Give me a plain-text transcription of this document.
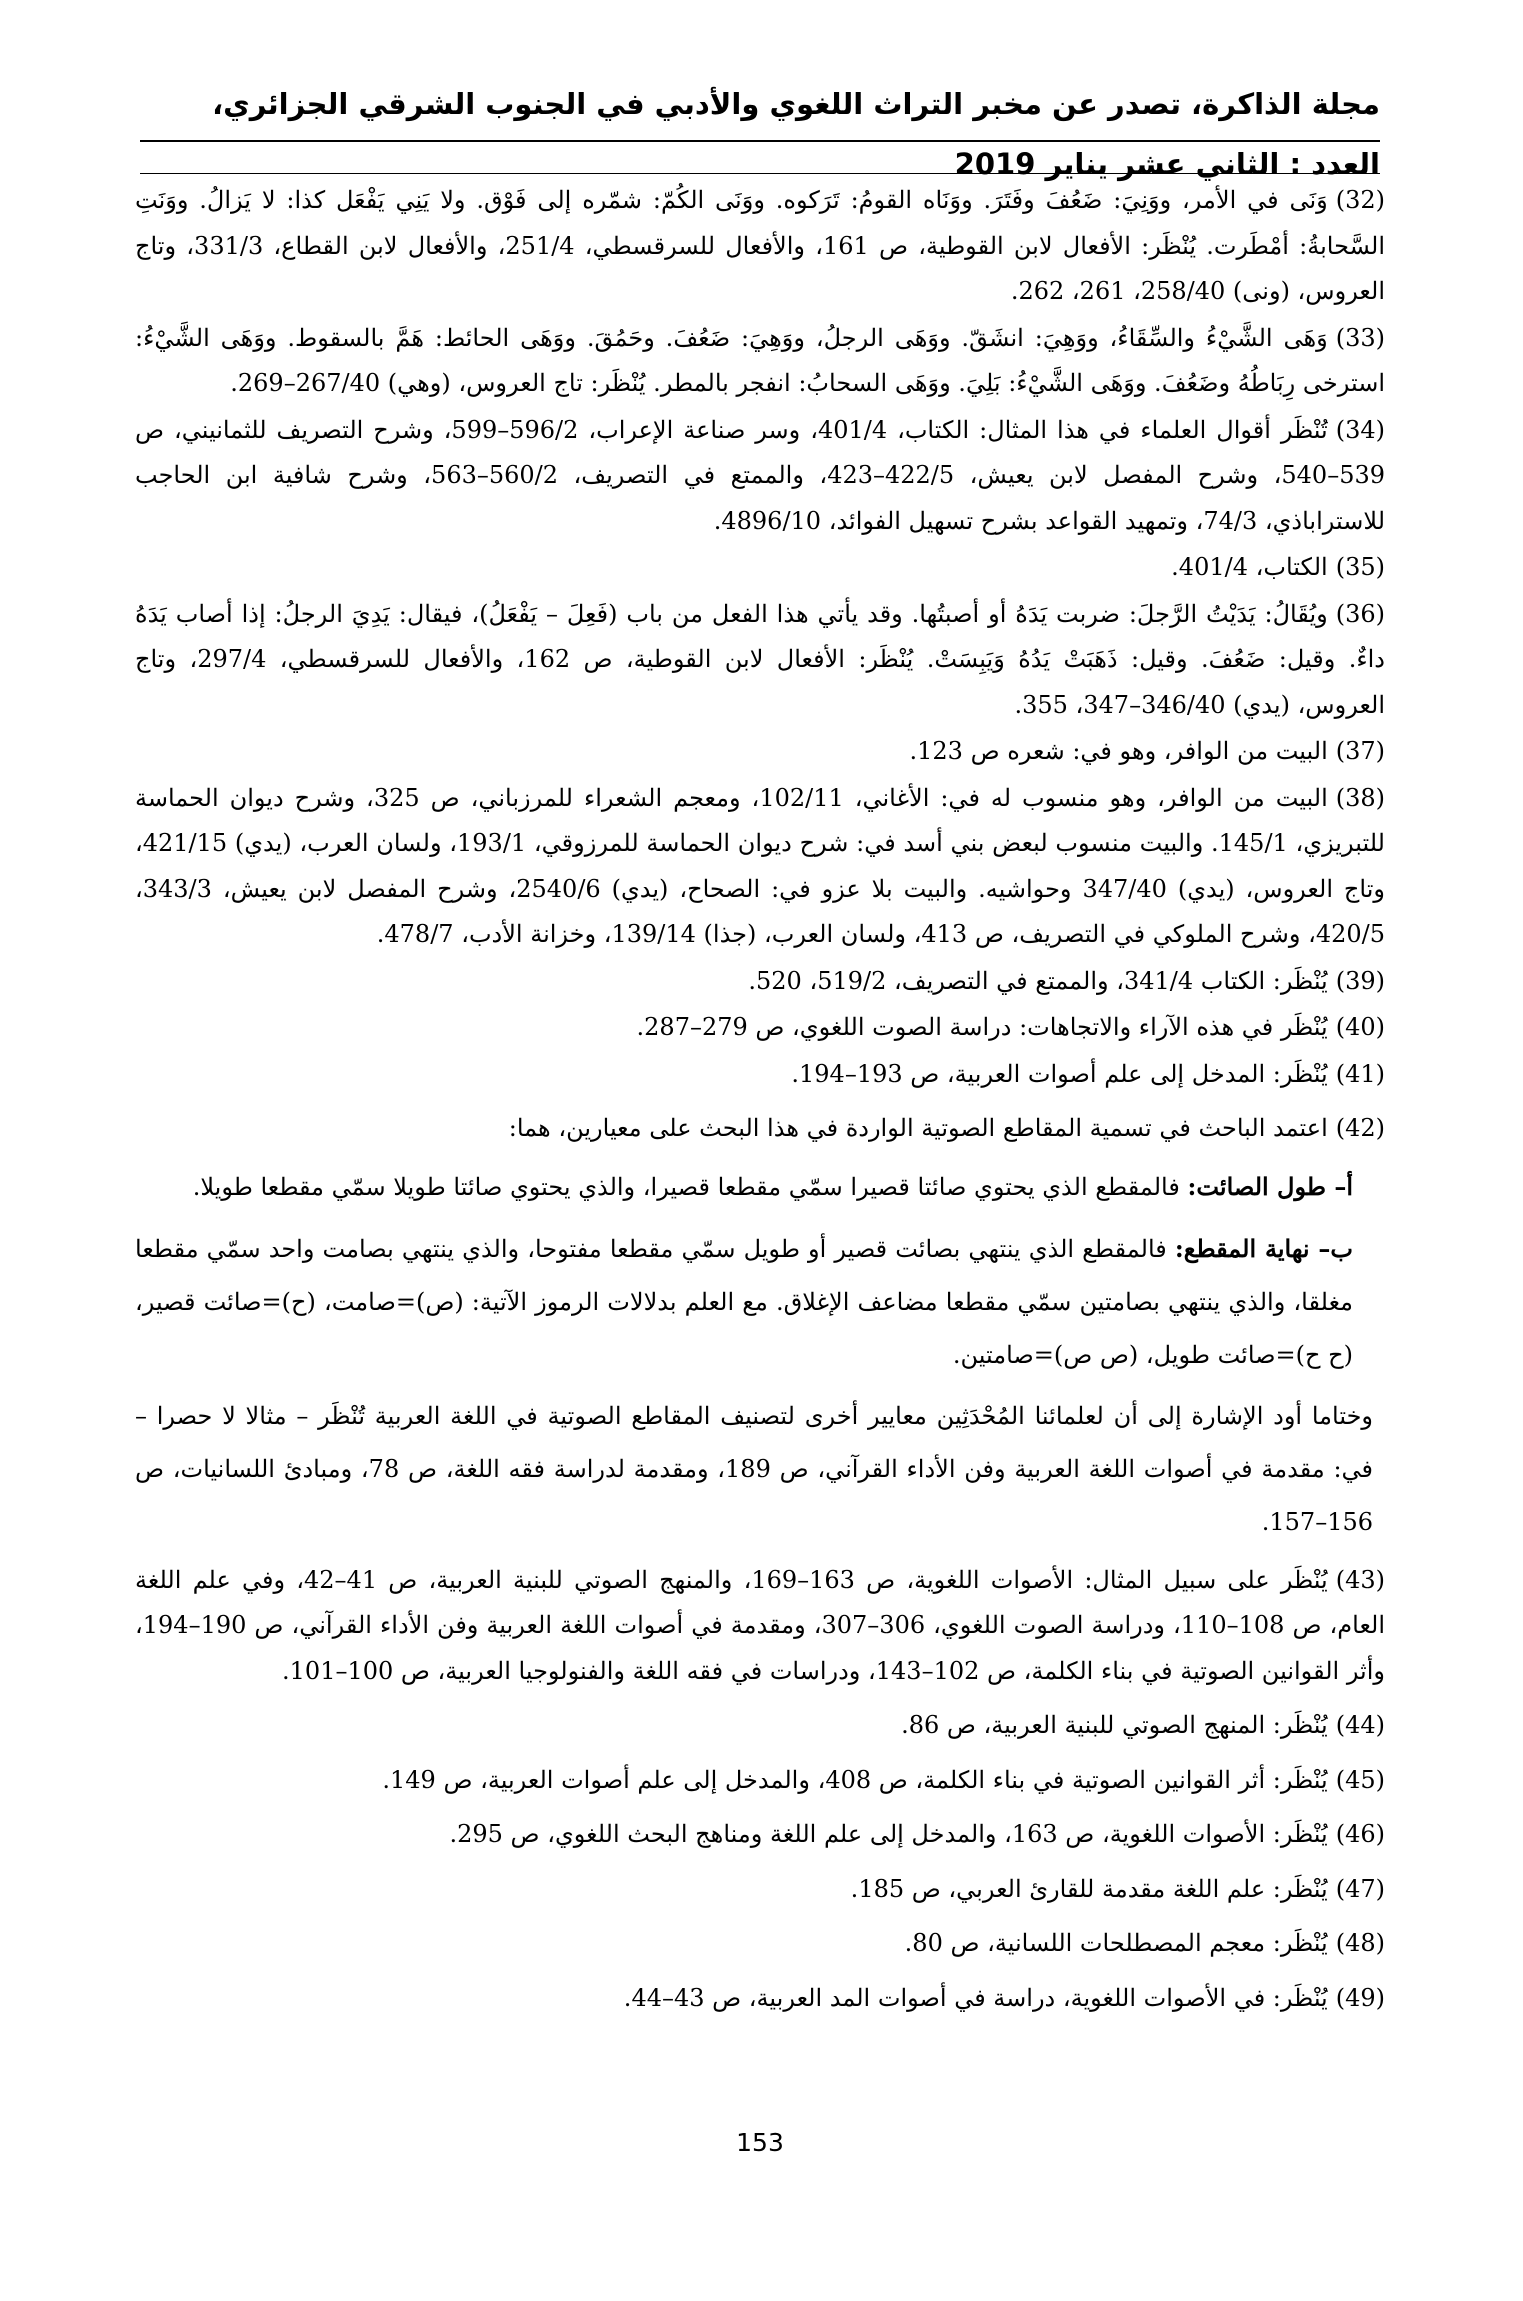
مجلة الذاكرة، تصدر عن مخبر التراث اللغوي والأدبي في الجنوب الشرقي الجزائري، العدد : الثاني عشر يناير 2019

(32)وَنَى في الأمر، ووَنِيَ: ضَعُفَ وفَتَرَ. ووَنَاه القومُ: تَرَكوه. ووَنَى الكُمّ: شمّره إلى فَوْق. ولا يَنِي يَفْعَل كذا: لا يَزالُ. ووَنَتِ السَّحابةُ: أمْطَرت. يُنْظَر: الأفعال لابن القوطية، ص 161، والأفعال للسرقسطي، 251/4، والأفعال لابن القطاع، 331/3، وتاج العروس، (ونى) 258/40، 261، 262.

(33)وَهَى الشَّيْءُ والسِّقَاءُ، ووَهِيَ: انشَقّ. ووَهَى الرجلُ، ووَهِيَ: ضَعُفَ. وحَمُقَ. ووَهَى الحائط: هَمَّ بالسقوط. ووَهَى الشَّيْءُ: استرخى رِبَاطُهُ وضَعُفَ. ووَهَى الشَّيْءُ: بَلِيَ. ووَهَى السحابُ: انفجر بالمطر. يُنْظَر: تاج العروس، (وهي) 267/40–269.

(34)تُنْظَر أقوال العلماء في هذا المثال: الكتاب، 401/4، وسر صناعة الإعراب، 596/2–599، وشرح التصريف للثمانيني، ص 539–540، وشرح المفصل لابن يعيش، 422/5–423، والممتع في التصريف، 560/2–563، وشرح شافية ابن الحاجب للاستراباذي، 74/3، وتمهيد القواعد بشرح تسهيل الفوائد، 4896/10.

(35)الكتاب، 401/4.

(36)ويُقَالُ: يَدَيْتُ الرَّجلَ: ضربت يَدَهُ أو أصبتُها. وقد يأتي هذا الفعل من باب (فَعِلَ – يَفْعَلُ)، فيقال: يَدِيَ الرجلُ: إذا أصاب يَدَهُ داءٌ. وقيل: ضَعُفَ. وقيل: ذَهَبَتْ يَدُهُ وَيَبِسَتْ. يُنْظَر: الأفعال لابن القوطية، ص 162، والأفعال للسرقسطي، 297/4، وتاج العروس، (يدي) 346/40–347، 355.

(37)البيت من الوافر، وهو في: شعره ص 123.

(38)البيت من الوافر، وهو منسوب له في: الأغاني، 102/11، ومعجم الشعراء للمرزباني، ص 325، وشرح ديوان الحماسة للتبريزي، 145/1. والبيت منسوب لبعض بني أسد في: شرح ديوان الحماسة للمرزوقي، 193/1، ولسان العرب، (يدي) 421/15، وتاج العروس، (يدي) 347/40 وحواشيه. والبيت بلا عزو في: الصحاح، (يدي) 2540/6، وشرح المفصل لابن يعيش، 343/3، 420/5، وشرح الملوكي في التصريف، ص 413، ولسان العرب، (جذا) 139/14، وخزانة الأدب، 478/7.

(39)يُنْظَر: الكتاب 341/4، والممتع في التصريف، 519/2، 520.

(40)يُنْظَر في هذه الآراء والاتجاهات: دراسة الصوت اللغوي، ص 279–287.

(41)يُنْظَر: المدخل إلى علم أصوات العربية، ص 193–194.

(42)اعتمد الباحث في تسمية المقاطع الصوتية الواردة في هذا البحث على معيارين، هما:

أ– طول الصائت: فالمقطع الذي يحتوي صائتا قصيرا سمّي مقطعا قصيرا، والذي يحتوي صائتا طويلا سمّي مقطعا طويلا.

ب– نهاية المقطع: فالمقطع الذي ينتهي بصائت قصير أو طويل سمّي مقطعا مفتوحا، والذي ينتهي بصامت واحد سمّي مقطعا مغلقا، والذي ينتهي بصامتين سمّي مقطعا مضاعف الإغلاق. مع العلم بدلالات الرموز الآتية: (ص)=صامت، (ح)=صائت قصير، (ح ح)=صائت طويل، (ص ص)=صامتين.

وختاما أود الإشارة إلى أن لعلمائنا المُحْدَثِين معايير أخرى لتصنيف المقاطع الصوتية في اللغة العربية تُنْظَر – مثالا لا حصرا – في: مقدمة في أصوات اللغة العربية وفن الأداء القرآني، ص 189، ومقدمة لدراسة فقه اللغة، ص 78، ومبادئ اللسانيات، ص 156–157.

(43)يُنْظَر على سبيل المثال: الأصوات اللغوية، ص 163–169، والمنهج الصوتي للبنية العربية، ص 41–42، وفي علم اللغة العام، ص 108–110، ودراسة الصوت اللغوي، 306–307، ومقدمة في أصوات اللغة العربية وفن الأداء القرآني، ص 190–194، وأثر القوانين الصوتية في بناء الكلمة، ص 102–143، ودراسات في فقه اللغة والفنولوجيا العربية، ص 100–101.

(44)يُنْظَر: المنهج الصوتي للبنية العربية، ص 86.

(45)يُنْظَر: أثر القوانين الصوتية في بناء الكلمة، ص 408، والمدخل إلى علم أصوات العربية، ص 149.

(46)يُنْظَر: الأصوات اللغوية، ص 163، والمدخل إلى علم اللغة ومناهج البحث اللغوي، ص 295.

(47)يُنْظَر: علم اللغة مقدمة للقارئ العربي، ص 185.

(48)يُنْظَر: معجم المصطلحات اللسانية، ص 80.

(49)يُنْظَر: في الأصوات اللغوية، دراسة في أصوات المد العربية، ص 43–44.

153
